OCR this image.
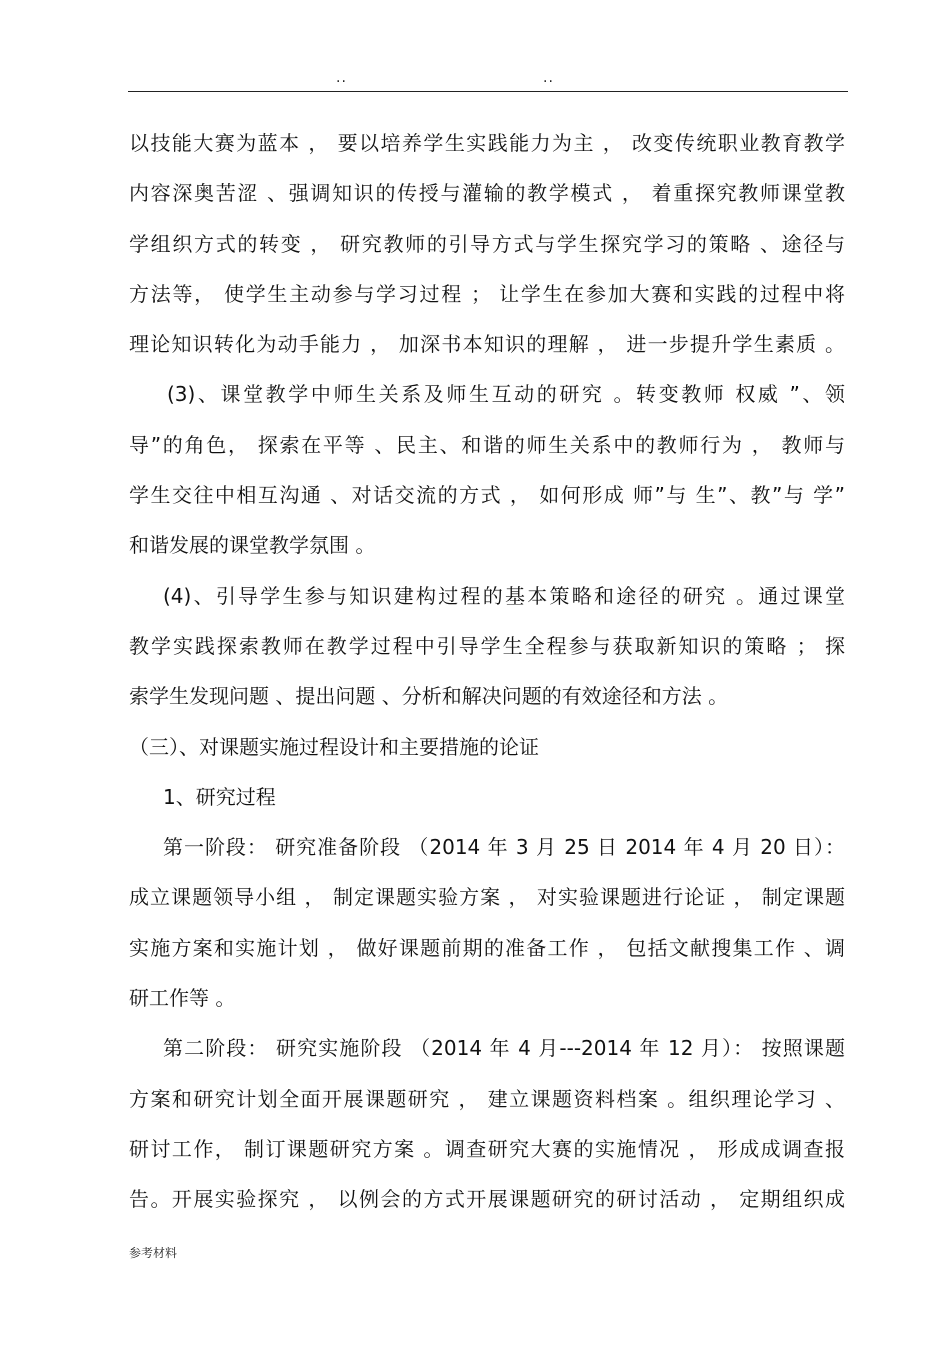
..	..
以技能大赛为蓝本 ， 要以培养学生实践能力为主 ， 改变传统职业教育教学
内容深奥苦涩 、强调知识的传授与灌输的教学模式 ， 着重探究教师课堂教
学组织方式的转变 ， 研究教师的引导方式与学生探究学习的策略 、途径与
方法等， 使学生主动参与学习过程 ； 让学生在参加大赛和实践的过程中将
理论知识转化为动手能力 ， 加深书本知识的理解 ， 进一步提升学生素质 。
(3)、课堂教学中师生关系及师生互动的研究 。转变教师 权威 ”、领
导”的角色， 探索在平等 、民主、和谐的师生关系中的教师行为 ， 教师与
学生交往中相互沟通 、对话交流的方式 ， 如何形成 师”与 生”、教”与 学”
和谐发展的课堂教学氛围 。
(4)、引导学生参与知识建构过程的基本策略和途径的研究 。通过课堂
教学实践探索教师在教学过程中引导学生全程参与获取新知识的策略 ； 探
索学生发现问题 、提出问题 、分析和解决问题的有效途径和方法 。
（三）、对课题实施过程设计和主要措施的论证
1、研究过程
第一阶段： 研究准备阶段 （2014 年 3 月 25 日 2014 年 4 月 20 日）：
成立课题领导小组 ， 制定课题实验方案 ， 对实验课题进行论证 ， 制定课题
实施方案和实施计划 ， 做好课题前期的准备工作 ， 包括文献搜集工作 、调
研工作等 。
第二阶段： 研究实施阶段 （2014 年 4 月---2014 年 12 月）： 按照课题
方案和研究计划全面开展课题研究 ， 建立课题资料档案 。组织理论学习 、
研讨工作， 制订课题研究方案 。调查研究大赛的实施情况 ， 形成成调查报
告。开展实验探究 ， 以例会的方式开展课题研究的研讨活动 ， 定期组织成
参考材料
